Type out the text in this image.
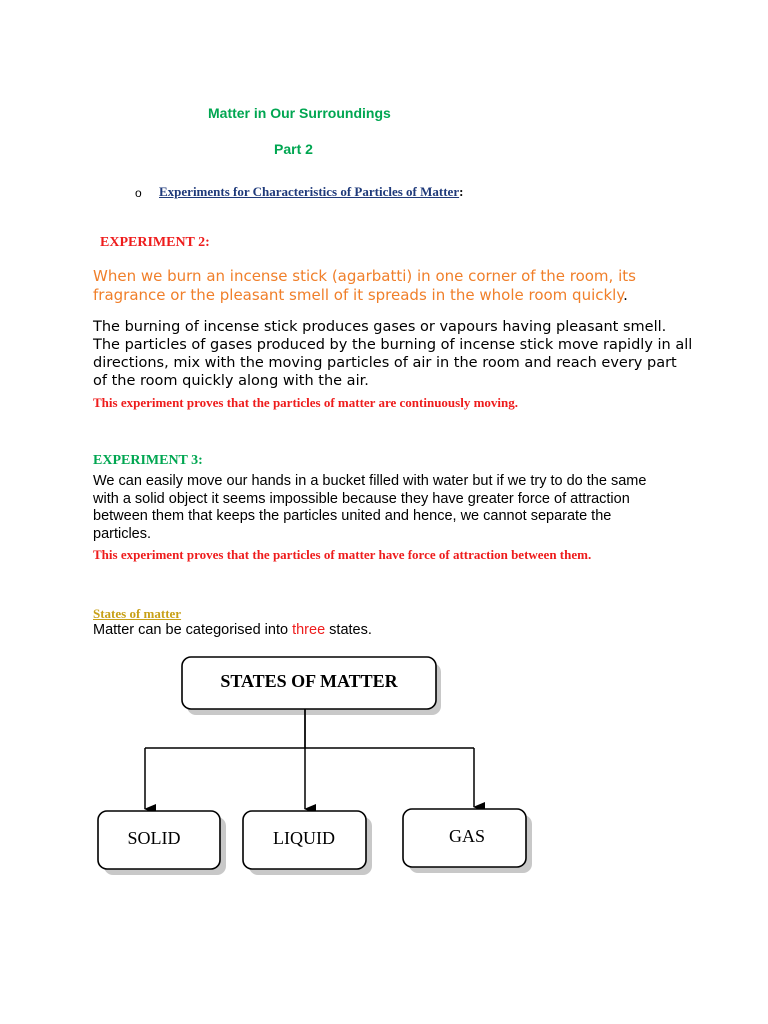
Matter in Our Surroundings
Part 2
o Experiments for Characteristics of Particles of Matter:
EXPERIMENT 2:
When we burn an incense stick (agarbatti) in one corner of the room, its fragrance or the pleasant smell of it spreads in the whole room quickly.
The burning of incense stick produces gases or vapours having pleasant smell. The particles of gases produced by the burning of incense stick move rapidly in all directions, mix with the moving particles of air in the room and reach every part of the room quickly along with the air.
This experiment proves that the particles of matter are continuously moving.
EXPERIMENT 3:
We can easily move our hands in a bucket filled with water but if we try to do the same with a solid object it seems impossible because they have greater force of attraction between them that keeps the particles united and hence, we cannot separate the particles.
This experiment proves that the particles of matter have force of attraction between them.
States of matter
Matter can be categorised into three states.
STATES OF MATTER
SOLID	LIQUID	GAS
